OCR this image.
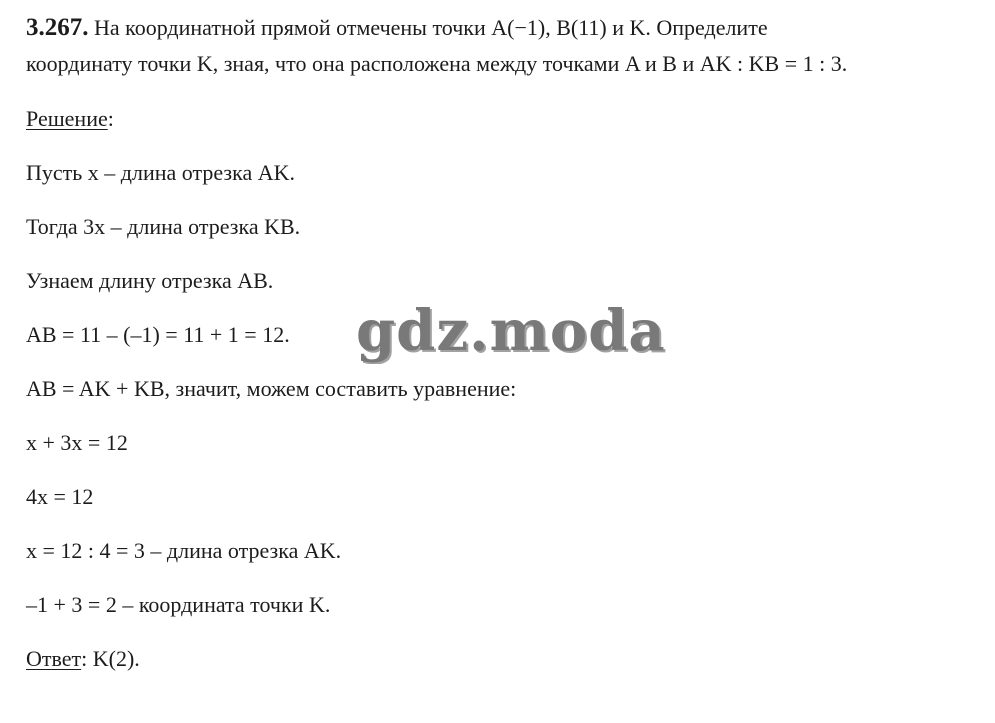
3.267. На координатной прямой отмечены точки A(−1), B(11) и K. Определите
координату точки K, зная, что она расположена между точками A и B и AK : KB = 1 : 3.
Решение:
Пусть x – длина отрезка AK.
Тогда 3x – длина отрезка KB.
Узнаем длину отрезка AB.
AB = 11 – (–1) = 11 + 1 = 12.
AB = AK + KB, значит, можем составить уравнение:
x + 3x = 12
4x = 12
x = 12 : 4 = 3 – длина отрезка AK.
–1 + 3 = 2 – координата точки K.
Ответ: K(2).
gdz.moda
